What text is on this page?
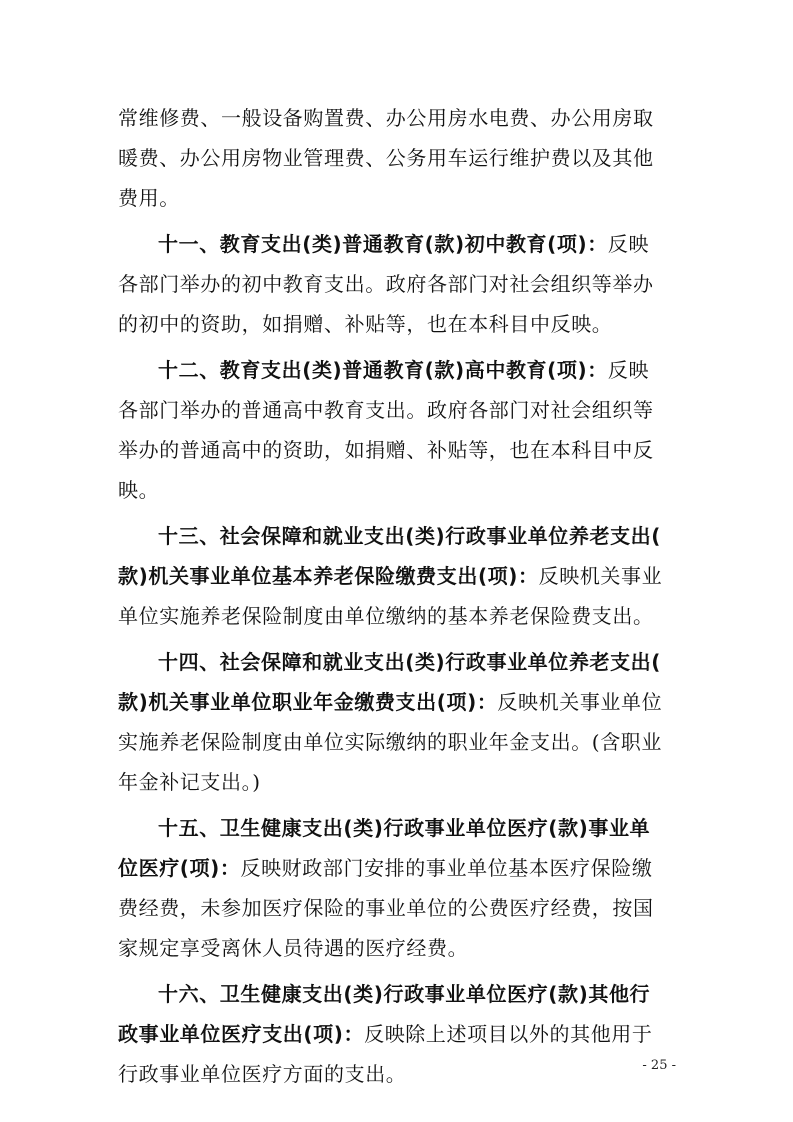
常维修费、一般设备购置费、办公用房水电费、办公用房取
暖费、办公用房物业管理费、公务用车运行维护费以及其他
费用。
十一、教育支出(类)普通教育(款)初中教育(项)：反映
各部门举办的初中教育支出。政府各部门对社会组织等举办
的初中的资助，如捐赠、补贴等，也在本科目中反映。
十二、教育支出(类)普通教育(款)高中教育(项)：反映
各部门举办的普通高中教育支出。政府各部门对社会组织等
举办的普通高中的资助，如捐赠、补贴等，也在本科目中反
映。
十三、社会保障和就业支出(类)行政事业单位养老支出(
款)机关事业单位基本养老保险缴费支出(项)：反映机关事业
单位实施养老保险制度由单位缴纳的基本养老保险费支出。
十四、社会保障和就业支出(类)行政事业单位养老支出(
款)机关事业单位职业年金缴费支出(项)：反映机关事业单位
实施养老保险制度由单位实际缴纳的职业年金支出。(含职业
年金补记支出。)
十五、卫生健康支出(类)行政事业单位医疗(款)事业单
位医疗(项)：反映财政部门安排的事业单位基本医疗保险缴
费经费，未参加医疗保险的事业单位的公费医疗经费，按国
家规定享受离休人员待遇的医疗经费。
十六、卫生健康支出(类)行政事业单位医疗(款)其他行
政事业单位医疗支出(项)：反映除上述项目以外的其他用于
行政事业单位医疗方面的支出。	- 25 -
